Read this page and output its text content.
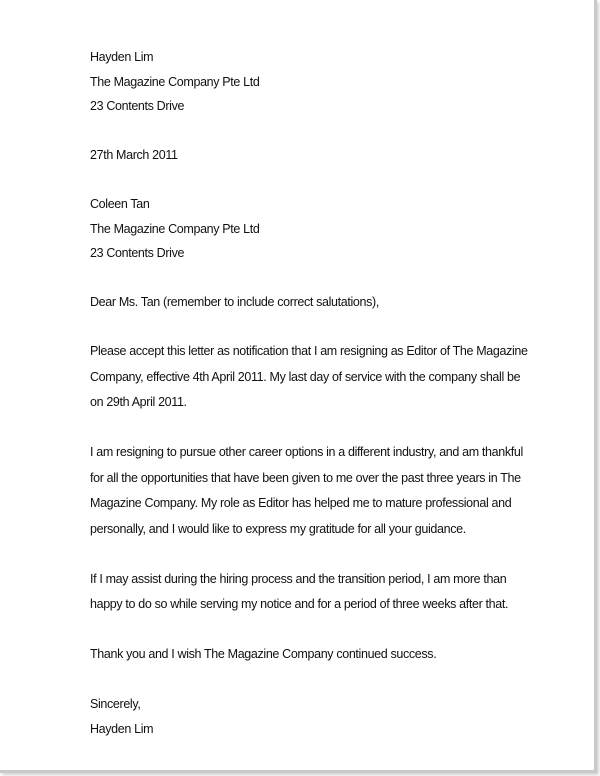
Hayden Lim
The Magazine Company Pte Ltd
23 Contents Drive
27th March 2011
Coleen Tan
The Magazine Company Pte Ltd
23 Contents Drive
Dear Ms. Tan (remember to include correct salutations),
Please accept this letter as notification that I am resigning as Editor of The Magazine
Company, effective 4th April 2011. My last day of service with the company shall be
on 29th April 2011.
I am resigning to pursue other career options in a different industry, and am thankful
for all the opportunities that have been given to me over the past three years in The
Magazine Company. My role as Editor has helped me to mature professional and
personally, and I would like to express my gratitude for all your guidance.
If I may assist during the hiring process and the transition period, I am more than
happy to do so while serving my notice and for a period of three weeks after that.
Thank you and I wish The Magazine Company continued success.
Sincerely,
Hayden Lim
